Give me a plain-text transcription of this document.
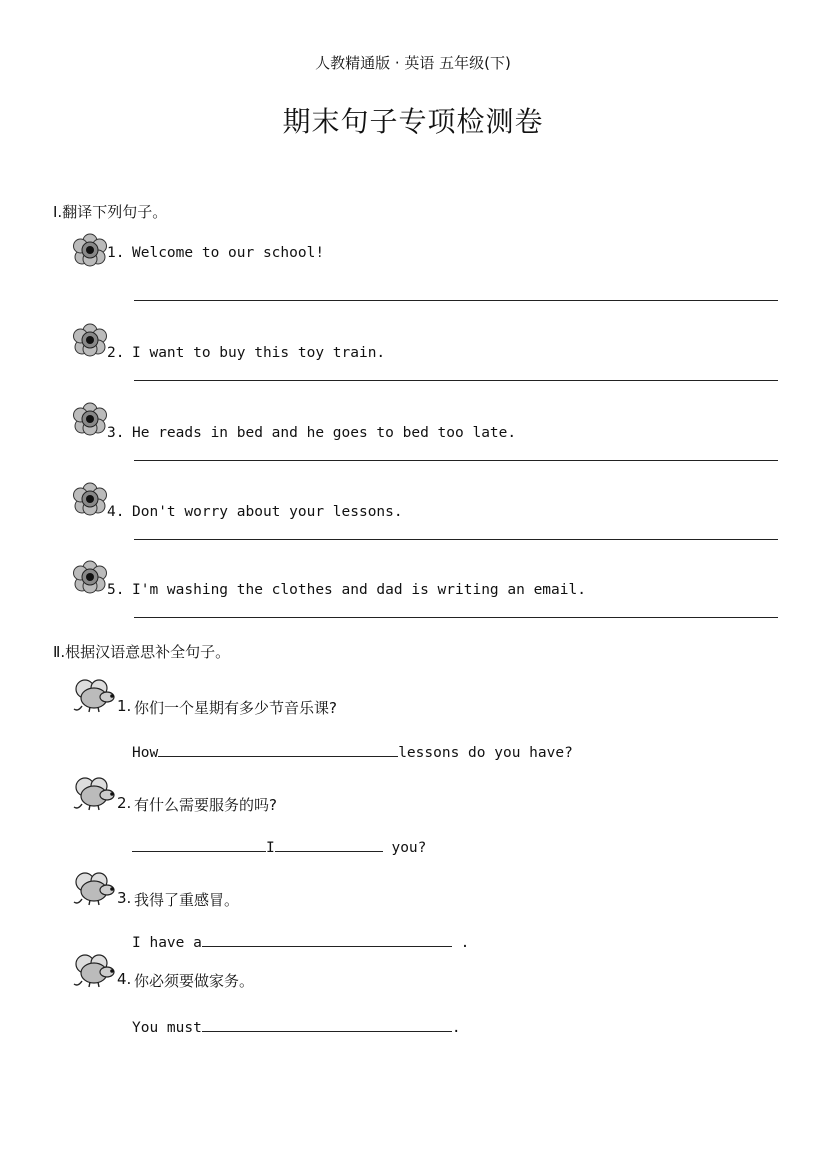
人教精通版 · 英语 五年级(下)
期末句子专项检测卷
Ⅰ.翻译下列句子。
1. Welcome to our school!
2. I want to buy this toy train.
3. He reads in bed and he goes to bed too late.
4. Don't worry about your lessons.
5. I'm washing the clothes and dad is writing an email.
Ⅱ.根据汉语意思补全句子。
1. 你们一个星期有多少节音乐课?
How	lessons do you have?
2. 有什么需要服务的吗?
I	you?
3. 我得了重感冒。
I have a	.
4. 你必须要做家务。
You must	.
